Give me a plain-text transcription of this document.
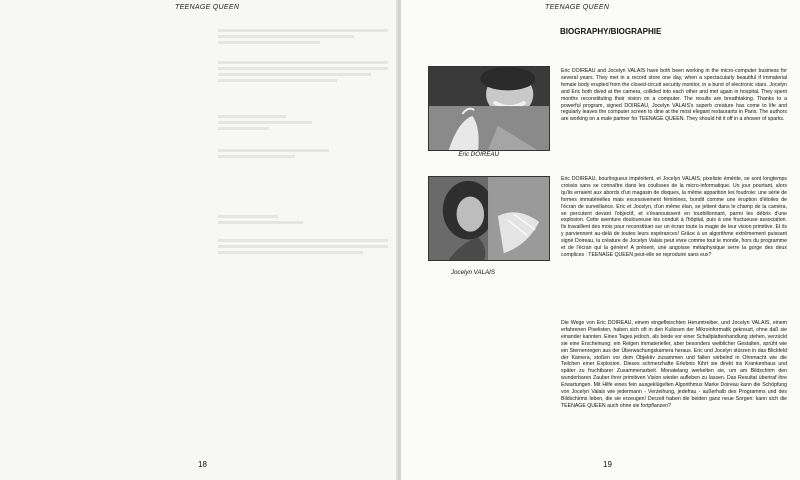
TEENAGE QUEEN
18
TEENAGE QUEEN
BIOGRAPHY/BIOGRAPHIE
Eric DOIREAU
Jocelyn VALAIS

Eric DOIREAU and Jocelyn VALAIS have both been working in the micro-computer business for several years. They met in a record store one day, when a spectacularly beautiful if immaterial female body erupted from the closed-circuit security monitor, in a burst of electronic stars. Jocelyn and Eric both dived at the camera, collided into each other and met again in hospital. They spent months reconstituting their vision on a computer. The results are breathtaking. Thanks to a powerful program, signed DOIREAU, Jocelyn VALAIS's superb creature has come to life and regularly leaves the computer screen to dine at the most elegant restaurants in Paris. The authors are working on a male partner for TEENAGE QUEEN. They should hit it off in a shower of sparks.

Eric DOIREAU, bourlingueur impénitent, et Jocelyn VALAIS, pixeliste émérite, se sont longtemps croisés sans se connaître dans les coulisses de la micro-informatique. Un jour pourtant, alors qu'ils erraient aux abords d'un magasin de disques, la même apparition les foudroie: une série de formes immatérielles mais excessivement féminines, bondit comme une éruption d'étoiles de l'écran de surveillance. Eric et Jocelyn, d'un même élan, se jettent dans le champ de la caméra, se percutent devant l'objectif, et s'évanouissent en tourbillonnant, parmi les débris d'une explosion. Cette aventure douloureuse les conduit à l'hôpital, puis à une fructueuse association. Ils travaillent des mois pour reconstituer sur un écran toute la magie de leur vision primitive. Et ils y parviennent au-delà de toutes leurs espérances! Grâce à un algorithme extrêmement puissant signé Doireau, la créature de Jocelyn Valais peut vivre comme tout le monde, hors du programme et de l'écran qui la génère! A présent, une angoisse métaphysique serre la gorge des deux complices : TEENAGE QUEEN peut-elle se reproduire sans eux?

Die Wege von Eric DOIREAU, einem eingefleischten Herumtreiber, und Jocelyn VALAIS, einem erfahrenen Pixelisten, haben sich oft in den Kulissen der Mikroinformatik gekreuzt, ohne daß sie einander kannten. Eines Tages jedoch, als beide vor einer Schallplattenhandlung stehen, verzückt sie eine Erscheinung: ein Reigen immaterieller, aber besonders weiblicher Gestalten, sprüht wie ein Sternenregen aus der Überwachungskamera heraus. Eric und Jocelyn stürzen in das Blickfeld der Kamera, stoßen vor dem Objektiv zusammen und fallen wirbelnd in Ohnmacht wie die Teilchen einer Explosion. Dieses schmerzhafte Erlebnis führt sie direkt ins Krankenhaus und später zu fruchtbarer Zusammenarbeit. Monatelang werkelten sie, um am Bildschirm den wunderbaren Zauber ihrer primitiven Vision wieder aufleben zu lassen. Das Resultat übertraf ihre Erwartungen. Mit Hilfe eines fein ausgeklügelten Algorithmus Marke Doireau kann die Schöpfung von Jocelyn Valais wie jedermann - Verzeihung, jedefrau - außerhalb des Programms und des Bildschirms leben, die sie erzeugen! Derzeit haben die beiden ganz neue Sorgen: kann sich die TEENAGE QUEEN auch ohne sie fortpflanzen?

19
